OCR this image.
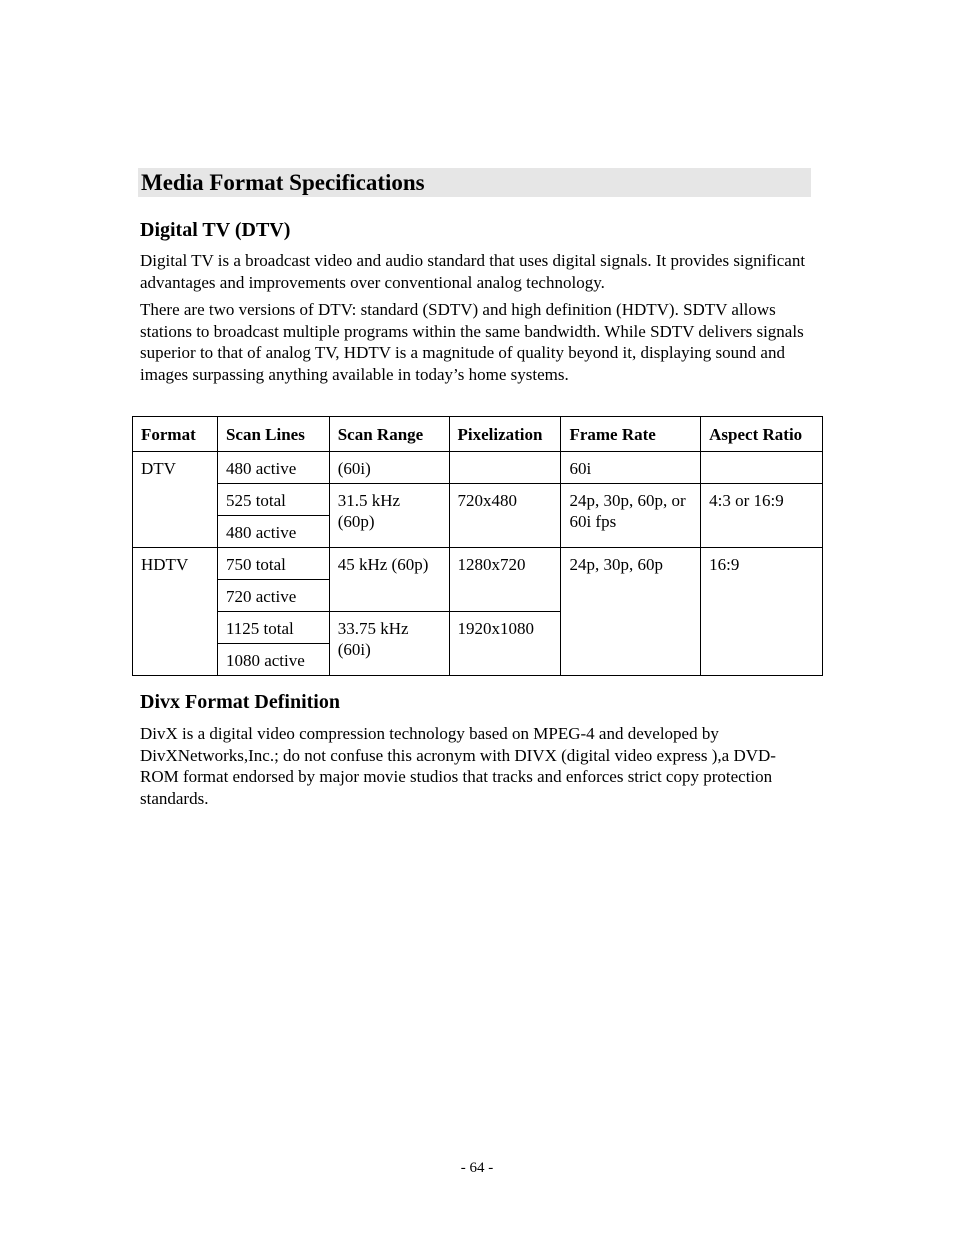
Media Format Specifications
Digital TV (DTV)

Digital TV is a broadcast video and audio standard that uses digital signals. It provides significant advantages and improvements over conventional analog technology.

There are two versions of DTV: standard (SDTV) and high definition (HDTV). SDTV allows stations to broadcast multiple programs within the same bandwidth. While SDTV delivers signals superior to that of analog TV, HDTV is a magnitude of quality beyond it, displaying sound and images surpassing anything available in today’s home systems.

Format	Scan Lines	Scan Range	Pixelization	Frame Rate	Aspect Ratio
DTV	480 active	(60i)		60i	
	525 total	31.5 kHz (60p)	720x480	24p, 30p, 60p, or 60i fps	4:3 or 16:9
	480 active				
HDTV	750 total	45 kHz (60p)	1280x720	24p, 30p, 60p	16:9
	720 active				
	1125 total	33.75 kHz (60i)	1920x1080		
	1080 active				
Divx Format Definition

DivX is a digital video compression technology based on MPEG-4 and developed by DivXNetworks,Inc.; do not confuse this acronym with DIVX (digital video express ),a DVD-ROM format endorsed by major movie studios that tracks and enforces strict copy protection standards.

- 64 -
